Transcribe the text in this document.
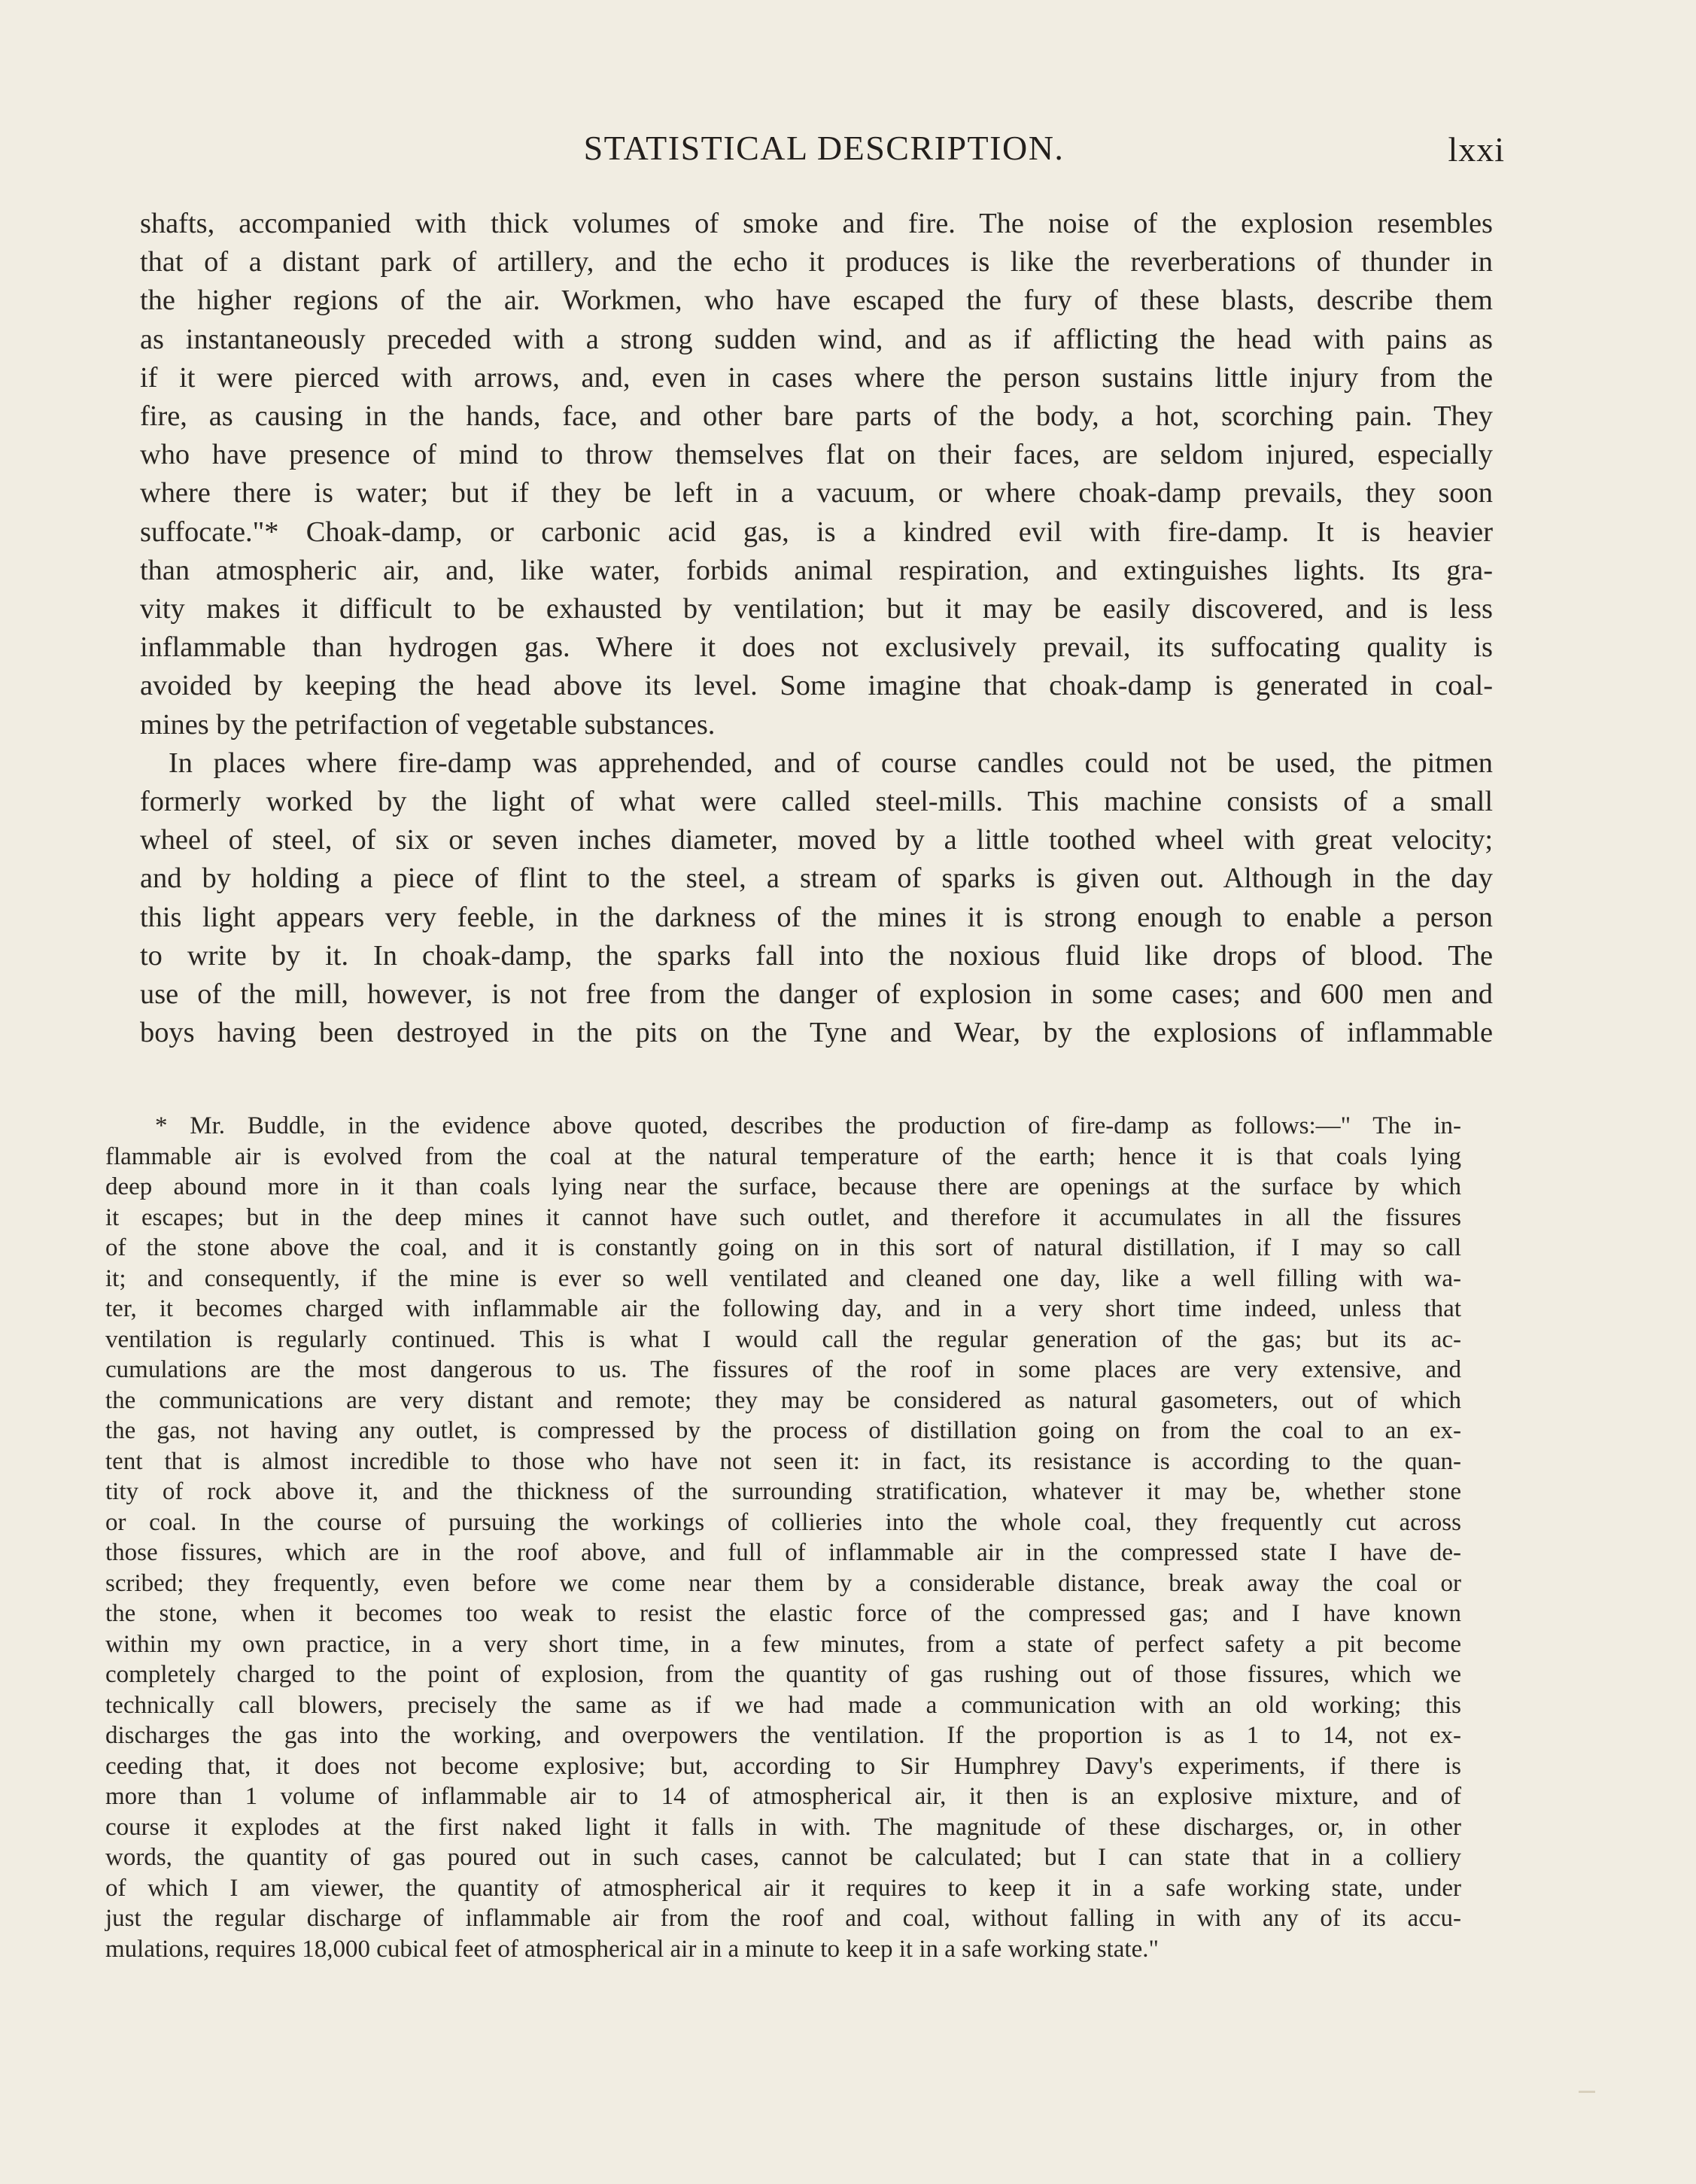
STATISTICAL DESCRIPTION.	lxxi
shafts, accompanied with thick volumes of smoke and fire. The noise of the explosion resembles
that of a distant park of artillery, and the echo it produces is like the reverberations of thunder in
the higher regions of the air. Workmen, who have escaped the fury of these blasts, describe them
as instantaneously preceded with a strong sudden wind, and as if afflicting the head with pains as
if it were pierced with arrows, and, even in cases where the person sustains little injury from the
fire, as causing in the hands, face, and other bare parts of the body, a hot, scorching pain. They
who have presence of mind to throw themselves flat on their faces, are seldom injured, especially
where there is water; but if they be left in a vacuum, or where choak-damp prevails, they soon
suffocate."* Choak-damp, or carbonic acid gas, is a kindred evil with fire-damp. It is heavier
than atmospheric air, and, like water, forbids animal respiration, and extinguishes lights. Its gra-
vity makes it difficult to be exhausted by ventilation; but it may be easily discovered, and is less
inflammable than hydrogen gas. Where it does not exclusively prevail, its suffocating quality is
avoided by keeping the head above its level. Some imagine that choak-damp is generated in coal-
mines by the petrifaction of vegetable substances.
In places where fire-damp was apprehended, and of course candles could not be used, the pitmen
formerly worked by the light of what were called steel-mills. This machine consists of a small
wheel of steel, of six or seven inches diameter, moved by a little toothed wheel with great velocity;
and by holding a piece of flint to the steel, a stream of sparks is given out. Although in the day
this light appears very feeble, in the darkness of the mines it is strong enough to enable a person
to write by it. In choak-damp, the sparks fall into the noxious fluid like drops of blood. The
use of the mill, however, is not free from the danger of explosion in some cases; and 600 men and
boys having been destroyed in the pits on the Tyne and Wear, by the explosions of inflammable
* Mr. Buddle, in the evidence above quoted, describes the production of fire-damp as follows:—" The in-
flammable air is evolved from the coal at the natural temperature of the earth; hence it is that coals lying
deep abound more in it than coals lying near the surface, because there are openings at the surface by which
it escapes; but in the deep mines it cannot have such outlet, and therefore it accumulates in all the fissures
of the stone above the coal, and it is constantly going on in this sort of natural distillation, if I may so call
it; and consequently, if the mine is ever so well ventilated and cleaned one day, like a well filling with wa-
ter, it becomes charged with inflammable air the following day, and in a very short time indeed, unless that
ventilation is regularly continued. This is what I would call the regular generation of the gas; but its ac-
cumulations are the most dangerous to us. The fissures of the roof in some places are very extensive, and
the communications are very distant and remote; they may be considered as natural gasometers, out of which
the gas, not having any outlet, is compressed by the process of distillation going on from the coal to an ex-
tent that is almost incredible to those who have not seen it: in fact, its resistance is according to the quan-
tity of rock above it, and the thickness of the surrounding stratification, whatever it may be, whether stone
or coal. In the course of pursuing the workings of collieries into the whole coal, they frequently cut across
those fissures, which are in the roof above, and full of inflammable air in the compressed state I have de-
scribed; they frequently, even before we come near them by a considerable distance, break away the coal or
the stone, when it becomes too weak to resist the elastic force of the compressed gas; and I have known
within my own practice, in a very short time, in a few minutes, from a state of perfect safety a pit become
completely charged to the point of explosion, from the quantity of gas rushing out of those fissures, which we
technically call blowers, precisely the same as if we had made a communication with an old working; this
discharges the gas into the working, and overpowers the ventilation. If the proportion is as 1 to 14, not ex-
ceeding that, it does not become explosive; but, according to Sir Humphrey Davy's experiments, if there is
more than 1 volume of inflammable air to 14 of atmospherical air, it then is an explosive mixture, and of
course it explodes at the first naked light it falls in with. The magnitude of these discharges, or, in other
words, the quantity of gas poured out in such cases, cannot be calculated; but I can state that in a colliery
of which I am viewer, the quantity of atmospherical air it requires to keep it in a safe working state, under
just the regular discharge of inflammable air from the roof and coal, without falling in with any of its accu-
mulations, requires 18,000 cubical feet of atmospherical air in a minute to keep it in a safe working state."
